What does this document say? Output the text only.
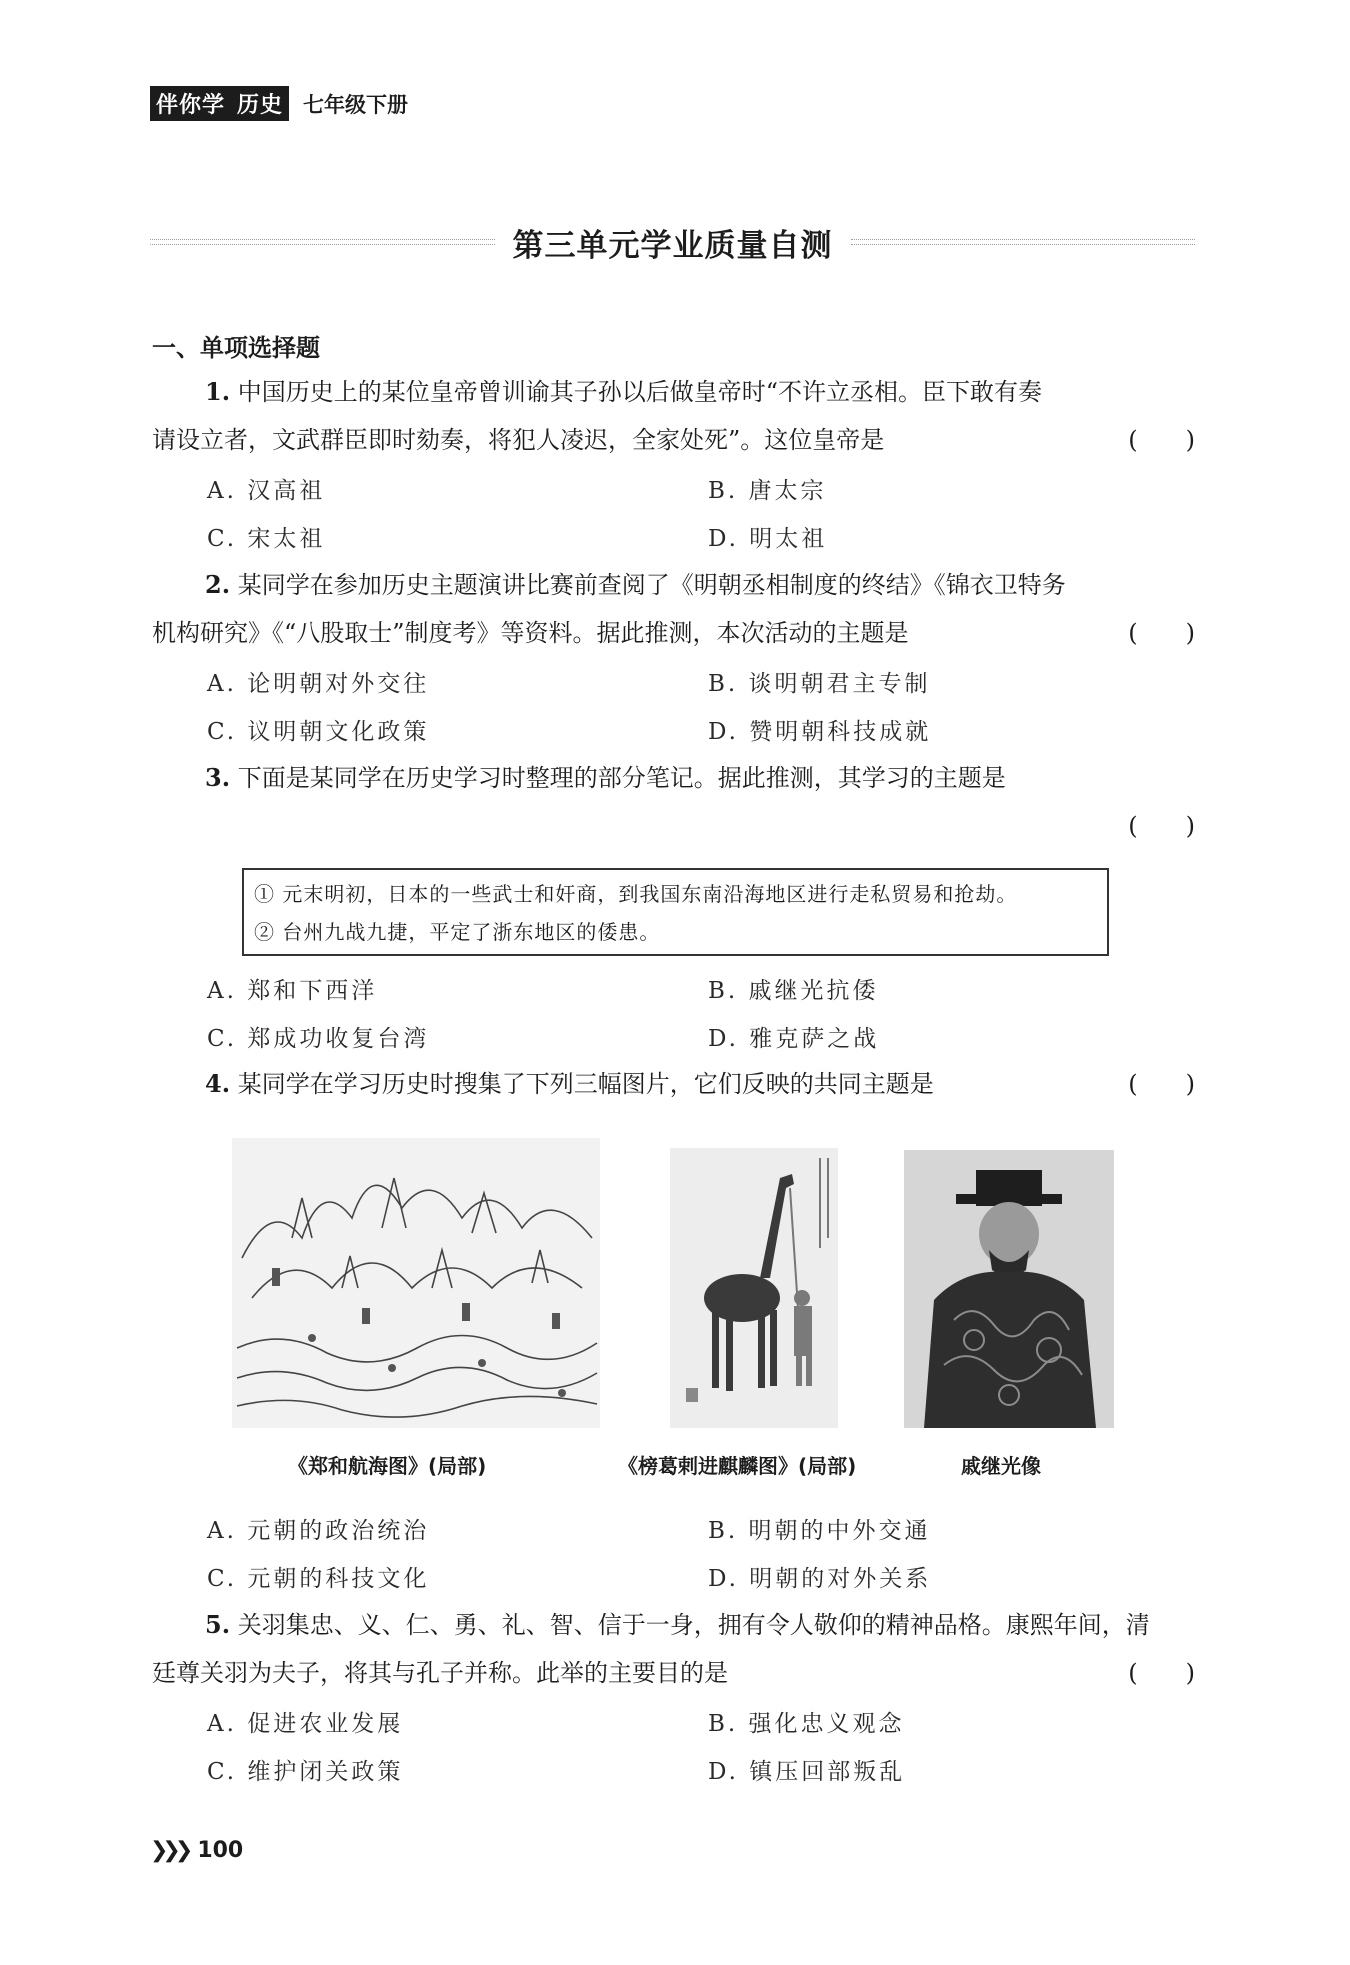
伴你学 历史 七年级下册
第三单元学业质量自测
一、单项选择题
1. 中国历史上的某位皇帝曾训谕其子孙以后做皇帝时“不许立丞相。臣下敢有奏
请设立者，文武群臣即时劾奏，将犯人凌迟，全家处死”。这位皇帝是	(　　)
A. 汉高祖	B. 唐太宗
C. 宋太祖	D. 明太祖
2. 某同学在参加历史主题演讲比赛前查阅了《明朝丞相制度的终结》《锦衣卫特务
机构研究》《“八股取士”制度考》等资料。据此推测，本次活动的主题是	(　　)
A. 论明朝对外交往	B. 谈明朝君主专制
C. 议明朝文化政策	D. 赞明朝科技成就
3. 下面是某同学在历史学习时整理的部分笔记。据此推测，其学习的主题是
(　　)
① 元末明初，日本的一些武士和奸商，到我国东南沿海地区进行走私贸易和抢劫。
② 台州九战九捷，平定了浙东地区的倭患。
A. 郑和下西洋	B. 戚继光抗倭
C. 郑成功收复台湾	D. 雅克萨之战
4. 某同学在学习历史时搜集了下列三幅图片，它们反映的共同主题是	(　　)
《郑和航海图》(局部)	《榜葛剌进麒麟图》(局部)	戚继光像
A. 元朝的政治统治	B. 明朝的中外交通
C. 元朝的科技文化	D. 明朝的对外关系
5. 关羽集忠、义、仁、勇、礼、智、信于一身，拥有令人敬仰的精神品格。康熙年间，清
廷尊关羽为夫子，将其与孔子并称。此举的主要目的是	(　　)
A. 促进农业发展	B. 强化忠义观念
C. 维护闭关政策	D. 镇压回部叛乱
❯❯❯ 100
